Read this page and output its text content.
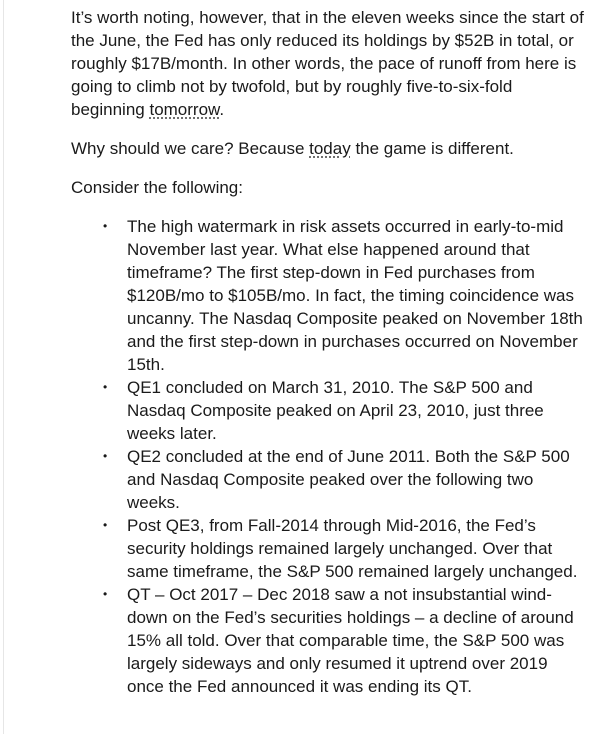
It’s worth noting, however, that in the eleven weeks since the start of the June, the Fed has only reduced its holdings by $52B in total, or roughly $17B/month. In other words, the pace of runoff from here is going to climb not by twofold, but by roughly five-to-six-fold beginning tomorrow.

Why should we care? Because today the game is different.

Consider the following:

• The high watermark in risk assets occurred in early-to-mid November last year. What else happened around that timeframe? The first step-down in Fed purchases from $120B/mo to $105B/mo. In fact, the timing coincidence was uncanny. The Nasdaq Composite peaked on November 18th and the first step-down in purchases occurred on November 15th.
• QE1 concluded on March 31, 2010. The S&P 500 and Nasdaq Composite peaked on April 23, 2010, just three weeks later.
• QE2 concluded at the end of June 2011. Both the S&P 500 and Nasdaq Composite peaked over the following two weeks.
• Post QE3, from Fall-2014 through Mid-2016, the Fed’s security holdings remained largely unchanged. Over that same timeframe, the S&P 500 remained largely unchanged.
• QT – Oct 2017 – Dec 2018 saw a not insubstantial wind-down on the Fed’s securities holdings – a decline of around 15% all told. Over that comparable time, the S&P 500 was largely sideways and only resumed it uptrend over 2019 once the Fed announced it was ending its QT.
